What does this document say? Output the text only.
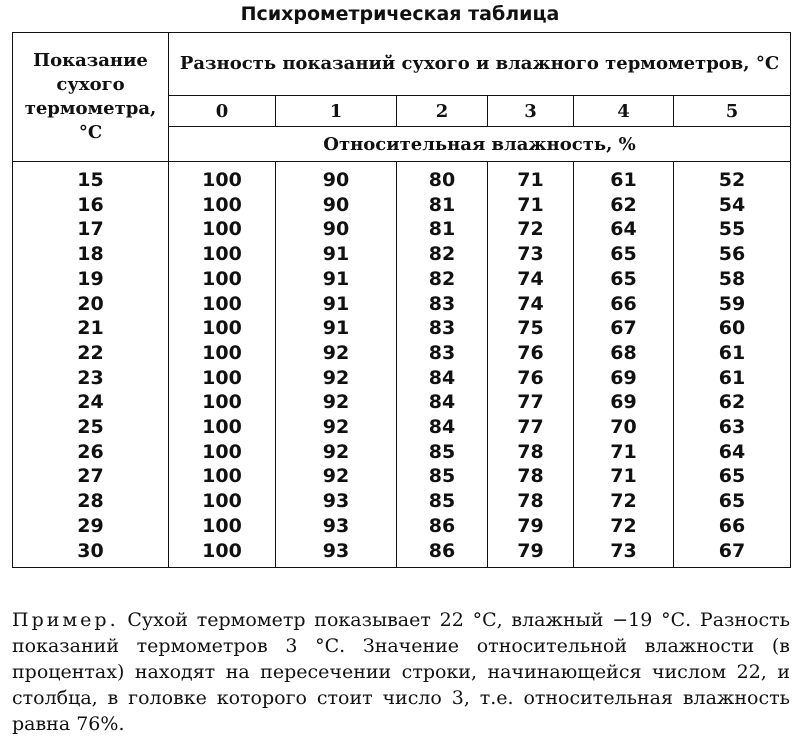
Психрометрическая таблица
Показание сухого термометра, °С	Разность показаний сухого и влажного термометров, °С					
	0	1	2	3	4	5
	Относительная влажность, %					
15	100	90	80	71	61	52
16	100	90	81	71	62	54
17	100	90	81	72	64	55
18	100	91	82	73	65	56
19	100	91	82	74	65	58
20	100	91	83	74	66	59
21	100	91	83	75	67	60
22	100	92	83	76	68	61
23	100	92	84	76	69	61
24	100	92	84	77	69	62
25	100	92	84	77	70	63
26	100	92	85	78	71	64
27	100	92	85	78	71	65
28	100	93	85	78	72	65
29	100	93	86	79	72	66
30	100	93	86	79	73	67

Пример. Сухой термометр показывает 22 °С, влажный −19 °С. Разность показаний термометров 3 °С. Значение относительной влажности (в процентах) находят на пересечении строки, начинающейся числом 22, и столбца, в головке которого стоит число 3, т.е. относительная влажность равна 76%.
